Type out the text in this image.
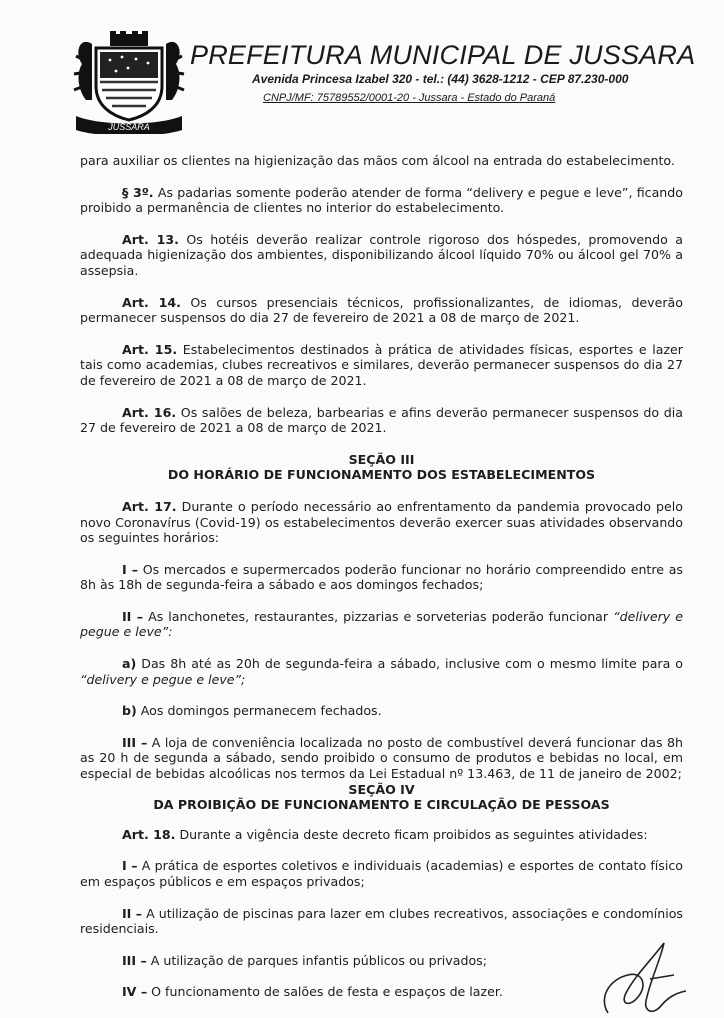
JUSSARA
PREFEITURA MUNICIPAL DE JUSSARA
Avenida Princesa Izabel 320 - tel.: (44) 3628-1212 - CEP 87.230-000
CNPJ/MF: 75789552/0001-20 - Jussara - Estado do Paraná

para auxiliar os clientes na higienização das mãos com álcool na entrada do estabelecimento.

§ 3º. As padarias somente poderão atender de forma “delivery e pegue e leve”, ficando proibido a permanência de clientes no interior do estabelecimento.

Art. 13. Os hotéis deverão realizar controle rigoroso dos hóspedes, promovendo a adequada higienização dos ambientes, disponibilizando álcool líquido 70% ou álcool gel 70% a assepsia.

Art. 14. Os cursos presenciais técnicos, profissionalizantes, de idiomas, deverão permanecer suspensos do dia 27 de fevereiro de 2021 a 08 de março de 2021.

Art. 15. Estabelecimentos destinados à prática de atividades físicas, esportes e lazer tais como academias, clubes recreativos e similares, deverão permanecer suspensos do dia 27 de fevereiro de 2021 a 08 de março de 2021.

Art. 16. Os salões de beleza, barbearias e afins deverão permanecer suspensos do dia 27 de fevereiro de 2021 a 08 de março de 2021.

SEÇÃO III

DO HORÁRIO DE FUNCIONAMENTO DOS ESTABELECIMENTOS

Art. 17. Durante o período necessário ao enfrentamento da pandemia provocado pelo novo Coronavírus (Covid-19) os estabelecimentos deverão exercer suas atividades observando os seguintes horários:

I – Os mercados e supermercados poderão funcionar no horário compreendido entre as 8h às 18h de segunda-feira a sábado e aos domingos fechados;

II – As lanchonetes, restaurantes, pizzarias e sorveterias poderão funcionar “delivery e pegue e leve”:

a) Das 8h até as 20h de segunda-feira a sábado, inclusive com o mesmo limite para o “delivery e pegue e leve”;

b) Aos domingos permanecem fechados.

III – A loja de conveniência localizada no posto de combustível deverá funcionar das 8h as 20 h de segunda a sábado, sendo proibido o consumo de produtos e bebidas no local, em especial de bebidas alcoólicas nos termos da Lei Estadual nº 13.463, de 11 de janeiro de 2002;

SEÇÃO IV

DA PROIBIÇÃO DE FUNCIONAMENTO E CIRCULAÇÃO DE PESSOAS

Art. 18. Durante a vigência deste decreto ficam proibidos as seguintes atividades:

I – A prática de esportes coletivos e individuais (academias) e esportes de contato físico em espaços públicos e em espaços privados;

II – A utilização de piscinas para lazer em clubes recreativos, associações e condomínios residenciais.

III – A utilização de parques infantis públicos ou privados;

IV – O funcionamento de salões de festa e espaços de lazer.
